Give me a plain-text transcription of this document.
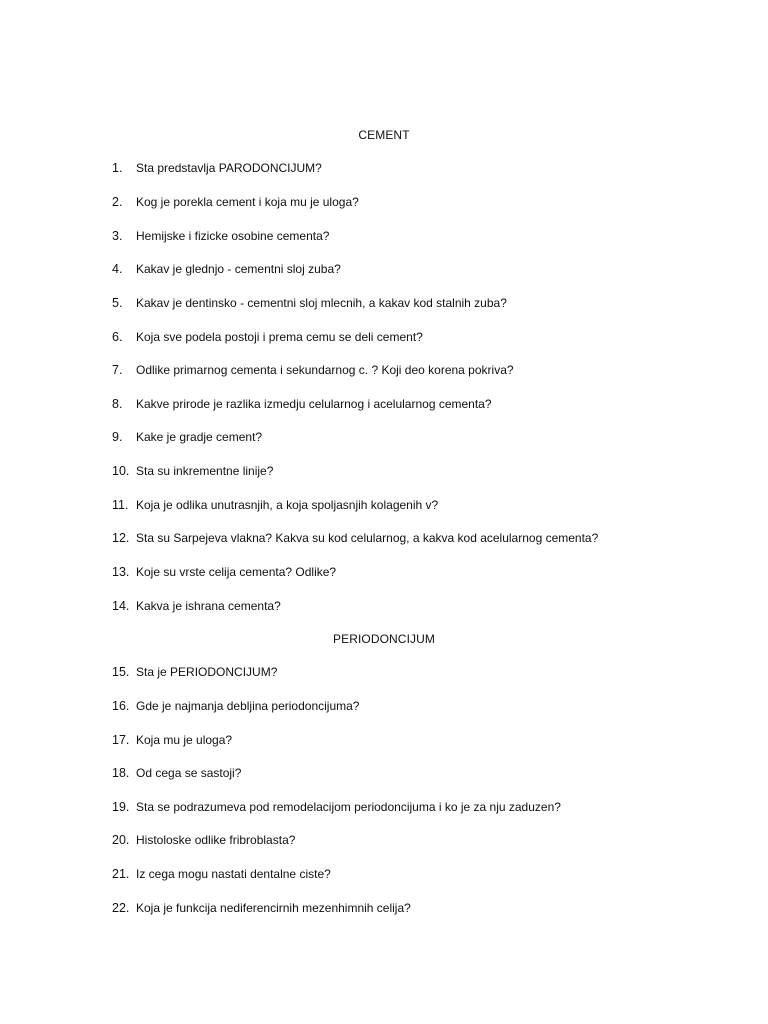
CEMENT
1. Sta predstavlja PARODONCIJUM?
2. Kog je porekla cement i koja mu je uloga?
3. Hemijske i fizicke osobine cementa?
4. Kakav je glednjo - cementni sloj zuba?
5. Kakav je dentinsko - cementni sloj mlecnih, a kakav kod stalnih zuba?
6. Koja sve podela postoji i prema cemu se deli cement?
7. Odlike primarnog cementa i sekundarnog c. ? Koji deo korena pokriva?
8. Kakve prirode je razlika izmedju celularnog i acelularnog cementa?
9. Kake je gradje cement?
10. Sta su inkrementne linije?
11. Koja je odlika unutrasnjih, a koja spoljasnjih kolagenih v?
12. Sta su Sarpejeva vlakna? Kakva su kod celularnog, a kakva kod acelularnog cementa?
13. Koje su vrste celija cementa? Odlike?
14. Kakva je ishrana cementa?
PERIODONCIJUM
15. Sta je PERIODONCIJUM?
16. Gde je najmanja debljina periodoncijuma?
17. Koja mu je uloga?
18. Od cega se sastoji?
19. Sta se podrazumeva pod remodelacijom periodoncijuma i ko je za nju zaduzen?
20. Histoloske odlike fribroblasta?
21. Iz cega mogu nastati dentalne ciste?
22. Koja je funkcija nediferencirnih mezenhimnih celija?
